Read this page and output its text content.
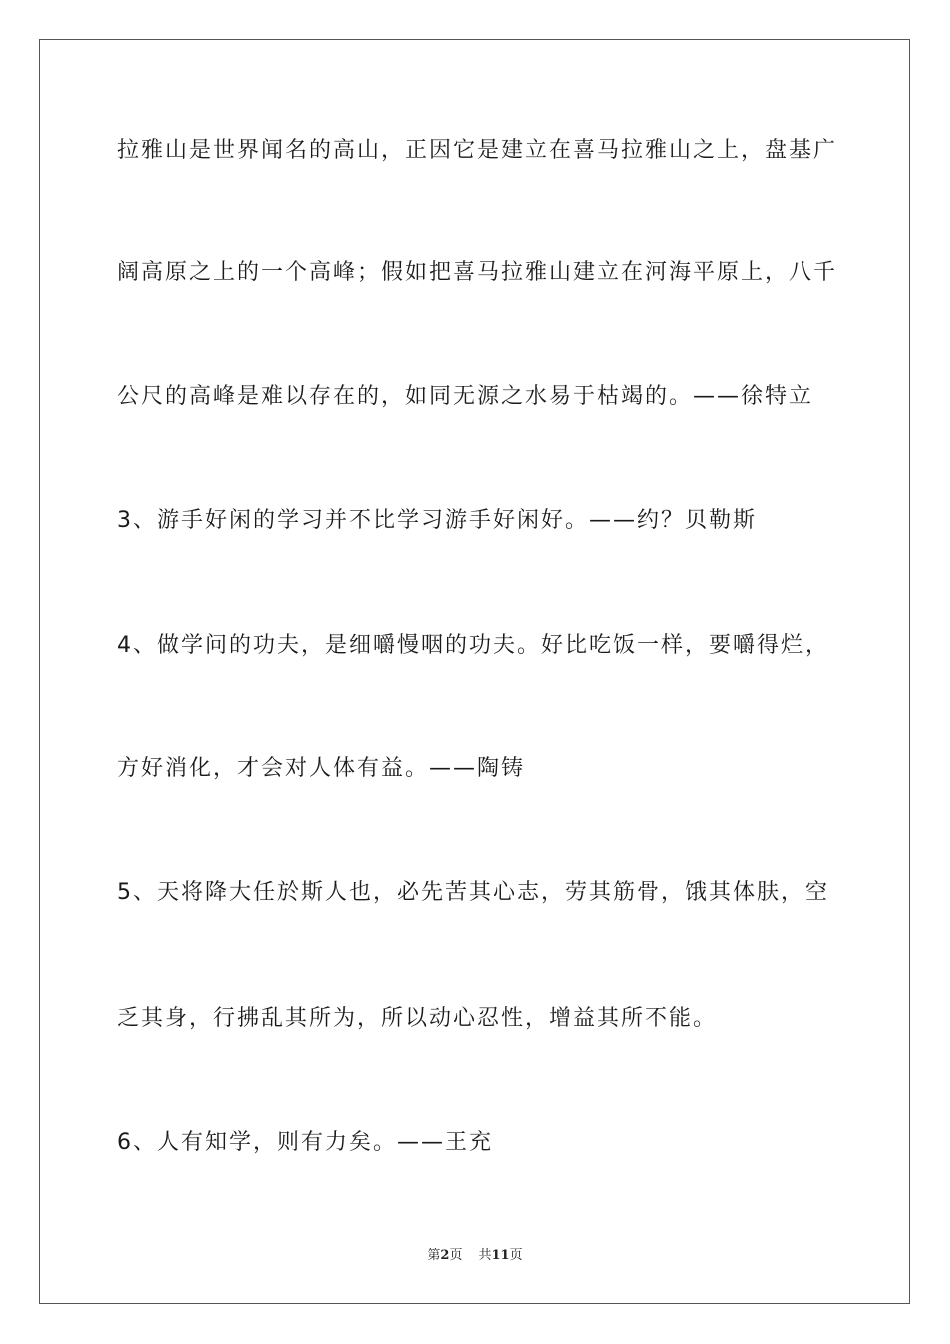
拉雅山是世界闻名的高山，正因它是建立在喜马拉雅山之上，盘基广
阔高原之上的一个高峰；假如把喜马拉雅山建立在河海平原上，八千
公尺的高峰是难以存在的，如同无源之水易于枯竭的。——徐特立
3、游手好闲的学习并不比学习游手好闲好。——约？贝勒斯
4、做学问的功夫，是细嚼慢咽的功夫。好比吃饭一样，要嚼得烂，
方好消化，才会对人体有益。——陶铸
5、天将降大任於斯人也，必先苦其心志，劳其筋骨，饿其体肤，空
乏其身，行拂乱其所为，所以动心忍性，增益其所不能。
6、人有知学，则有力矣。——王充
第2页 共11页
